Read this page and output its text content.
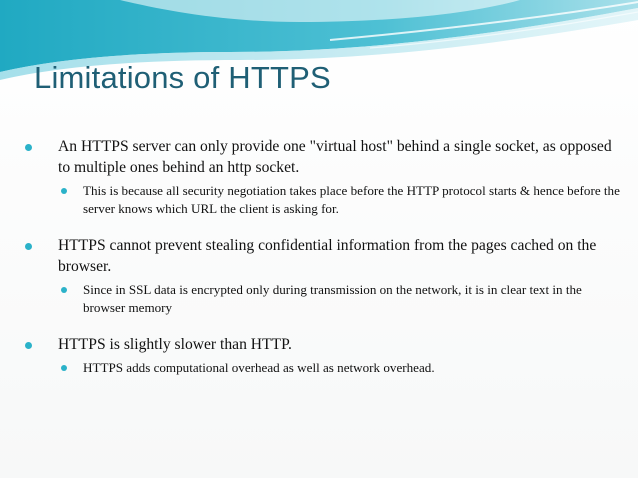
Limitations of HTTPS
An HTTPS server can only provide one "virtual host" behind a single socket, as opposed to multiple ones behind an http socket.
This is because all security negotiation takes place before the HTTP protocol starts & hence before the server knows which URL the client is asking for.
HTTPS cannot prevent stealing confidential information from the pages cached on the browser.
Since in SSL data is encrypted only during transmission on the network, it is in clear text in the browser memory
HTTPS is slightly slower than HTTP.
HTTPS adds computational overhead as well as network overhead.
